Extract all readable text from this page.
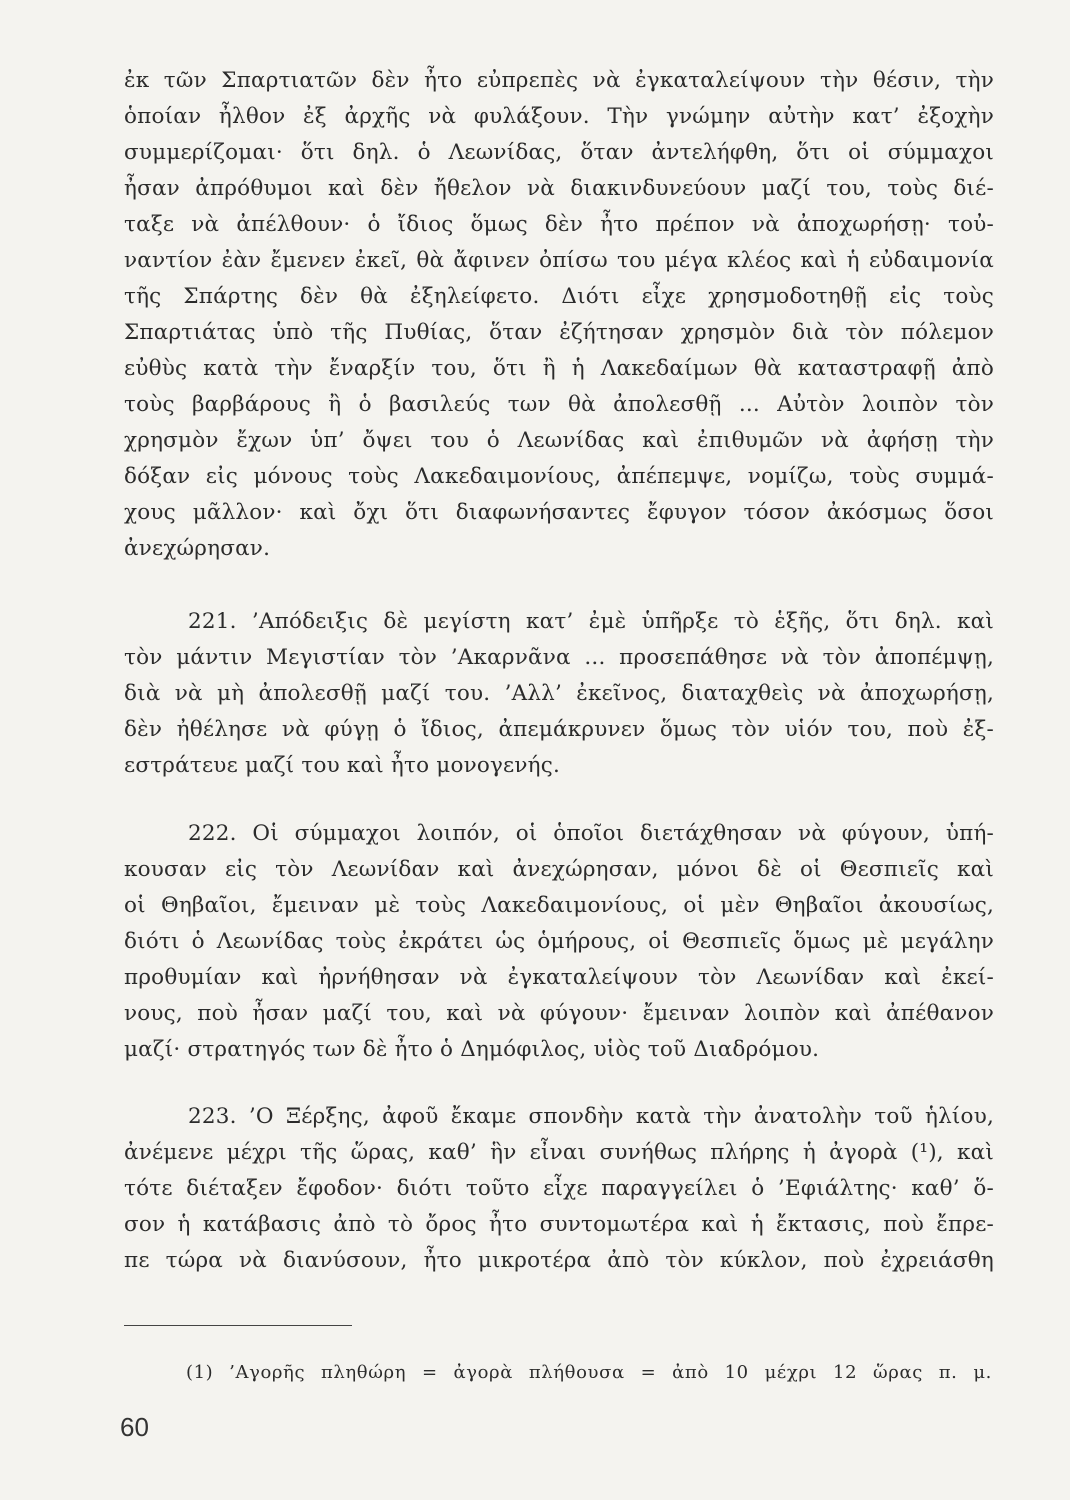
ἐκ τῶν Σπαρτιατῶν δὲν ἦτο εὐπρεπὲς νὰ ἐγκαταλείψουν τὴν θέσιν, τὴν
ὁποίαν ἦλθον ἐξ ἀρχῆς νὰ φυλάξουν. Τὴν γνώμην αὐτὴν κατ’ ἐξοχὴν
συμμερίζομαι· ὅτι δηλ. ὁ Λεωνίδας, ὅταν ἀντελήφθη, ὅτι οἱ σύμμαχοι
ἦσαν ἀπρόθυμοι καὶ δὲν ἤθελον νὰ διακινδυνεύουν μαζί του, τοὺς διέ-
ταξε νὰ ἀπέλθουν· ὁ ἴδιος ὅμως δὲν ἦτο πρέπον νὰ ἀποχωρήσῃ· τοὐ-
ναντίον ἐὰν ἔμενεν ἐκεῖ, θὰ ἄφινεν ὀπίσω του μέγα κλέος καὶ ἡ εὐδαιμονία
τῆς Σπάρτης δὲν θὰ ἐξηλείφετο. Διότι εἶχε χρησμοδοτηθῇ εἰς τοὺς
Σπαρτιάτας ὑπὸ τῆς Πυθίας, ὅταν ἐζήτησαν χρησμὸν διὰ τὸν πόλεμον
εὐθὺς κατὰ τὴν ἔναρξίν του, ὅτι ἢ ἡ Λακεδαίμων θὰ καταστραφῇ ἀπὸ
τοὺς βαρβάρους ἢ ὁ βασιλεύς των θὰ ἀπολεσθῇ ... Αὐτὸν λοιπὸν τὸν
χρησμὸν ἔχων ὑπ’ ὄψει του ὁ Λεωνίδας καὶ ἐπιθυμῶν νὰ ἀφήσῃ τὴν
δόξαν εἰς μόνους τοὺς Λακεδαιμονίους, ἀπέπεμψε, νομίζω, τοὺς συμμά-
χους μᾶλλον· καὶ ὄχι ὅτι διαφωνήσαντες ἔφυγον τόσον ἀκόσμως ὅσοι
ἀνεχώρησαν.
221. ’Απόδειξις δὲ μεγίστη κατ’ ἐμὲ ὑπῆρξε τὸ ἑξῆς, ὅτι δηλ. καὶ
τὸν μάντιν Μεγιστίαν τὸν ’Ακαρνᾶνα ... προσεπάθησε νὰ τὸν ἀποπέμψῃ,
διὰ νὰ μὴ ἀπολεσθῇ μαζί του. ’Αλλ’ ἐκεῖνος, διαταχθεὶς νὰ ἀποχωρήσῃ,
δὲν ἠθέλησε νὰ φύγῃ ὁ ἴδιος, ἀπεμάκρυνεν ὅμως τὸν υἱόν του, ποὺ ἐξ-
εστράτευε μαζί του καὶ ἦτο μονογενής.
222. Οἱ σύμμαχοι λοιπόν, οἱ ὁποῖοι διετάχθησαν νὰ φύγουν, ὑπή-
κουσαν εἰς τὸν Λεωνίδαν καὶ ἀνεχώρησαν, μόνοι δὲ οἱ Θεσπιεῖς καὶ
οἱ Θηβαῖοι, ἔμειναν μὲ τοὺς Λακεδαιμονίους, οἱ μὲν Θηβαῖοι ἀκουσίως,
διότι ὁ Λεωνίδας τοὺς ἐκράτει ὡς ὁμήρους, οἱ Θεσπιεῖς ὅμως μὲ μεγάλην
προθυμίαν καὶ ἠρνήθησαν νὰ ἐγκαταλείψουν τὸν Λεωνίδαν καὶ ἐκεί-
νους, ποὺ ἦσαν μαζί του, καὶ νὰ φύγουν· ἔμειναν λοιπὸν καὶ ἀπέθανον
μαζί· στρατηγός των δὲ ἦτο ὁ Δημόφιλος, υἱὸς τοῦ Διαδρόμου.
223. ’Ο Ξέρξης, ἀφοῦ ἔκαμε σπονδὴν κατὰ τὴν ἀνατολὴν τοῦ ἡλίου,
ἀνέμενε μέχρι τῆς ὥρας, καθ’ ἣν εἶναι συνήθως πλήρης ἡ ἀγορὰ (¹), καὶ
τότε διέταξεν ἔφοδον· διότι τοῦτο εἶχε παραγγείλει ὁ ’Εφιάλτης· καθ’ ὅ-
σον ἡ κατάβασις ἀπὸ τὸ ὄρος ἦτο συντομωτέρα καὶ ἡ ἔκτασις, ποὺ ἔπρε-
πε τώρα νὰ διανύσουν, ἦτο μικροτέρα ἀπὸ τὸν κύκλον, ποὺ ἐχρειάσθη
(1) ’Αγορῆς πληθώρη = ἀγορὰ πλήθουσα = ἀπὸ 10 μέχρι 12 ὥρας π. μ.
60
